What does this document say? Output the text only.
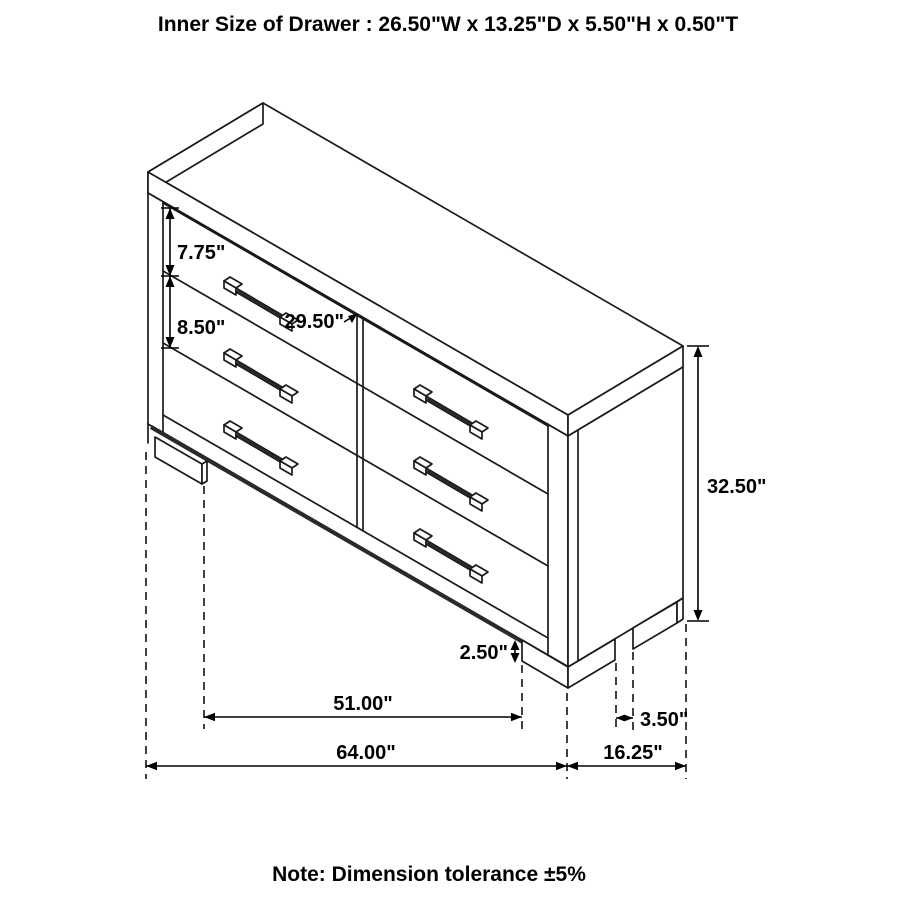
Inner Size of Drawer : 26.50"W x 13.25"D x 5.50"H x 0.50"T
7.75"
8.50"	29.50"
32.50"
2.50"
51.00"
3.50"
64.00"	16.25"
Note: Dimension tolerance ±5%
